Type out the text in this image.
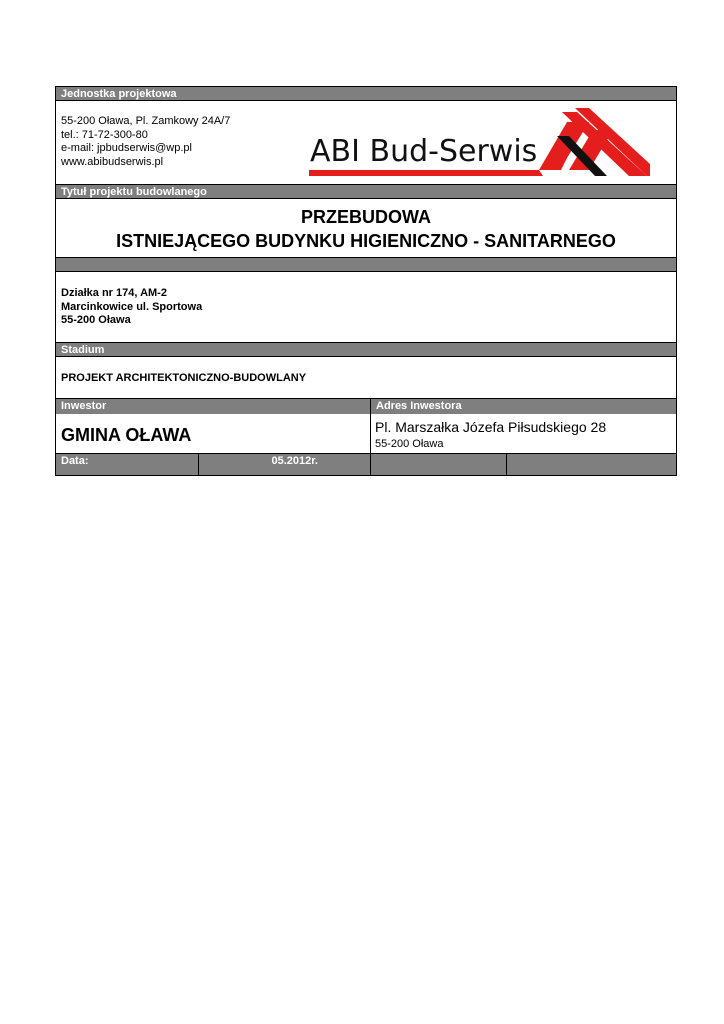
Jednostka projektowa
55-200 Oława, Pl. Zamkowy 24A/7
tel.: 71-72-300-80
e-mail: jpbudserwis@wp.pl
www.abibudserwis.pl	ABI Bud-Serwis
Tytuł projektu budowlanego
PRZEBUDOWA
ISTNIEJĄCEGO BUDYNKU HIGIENICZNO - SANITARNEGO
Działka nr 174, AM-2
Marcinkowice ul. Sportowa
55-200 Oława
Stadium
PROJEKT ARCHITEKTONICZNO-BUDOWLANY
Inwestor
GMINA OŁAWA
Adres Inwestora
Pl. Marszałka Józefa Piłsudskiego 28
55-200 Oława
Data:	05.2012r.
